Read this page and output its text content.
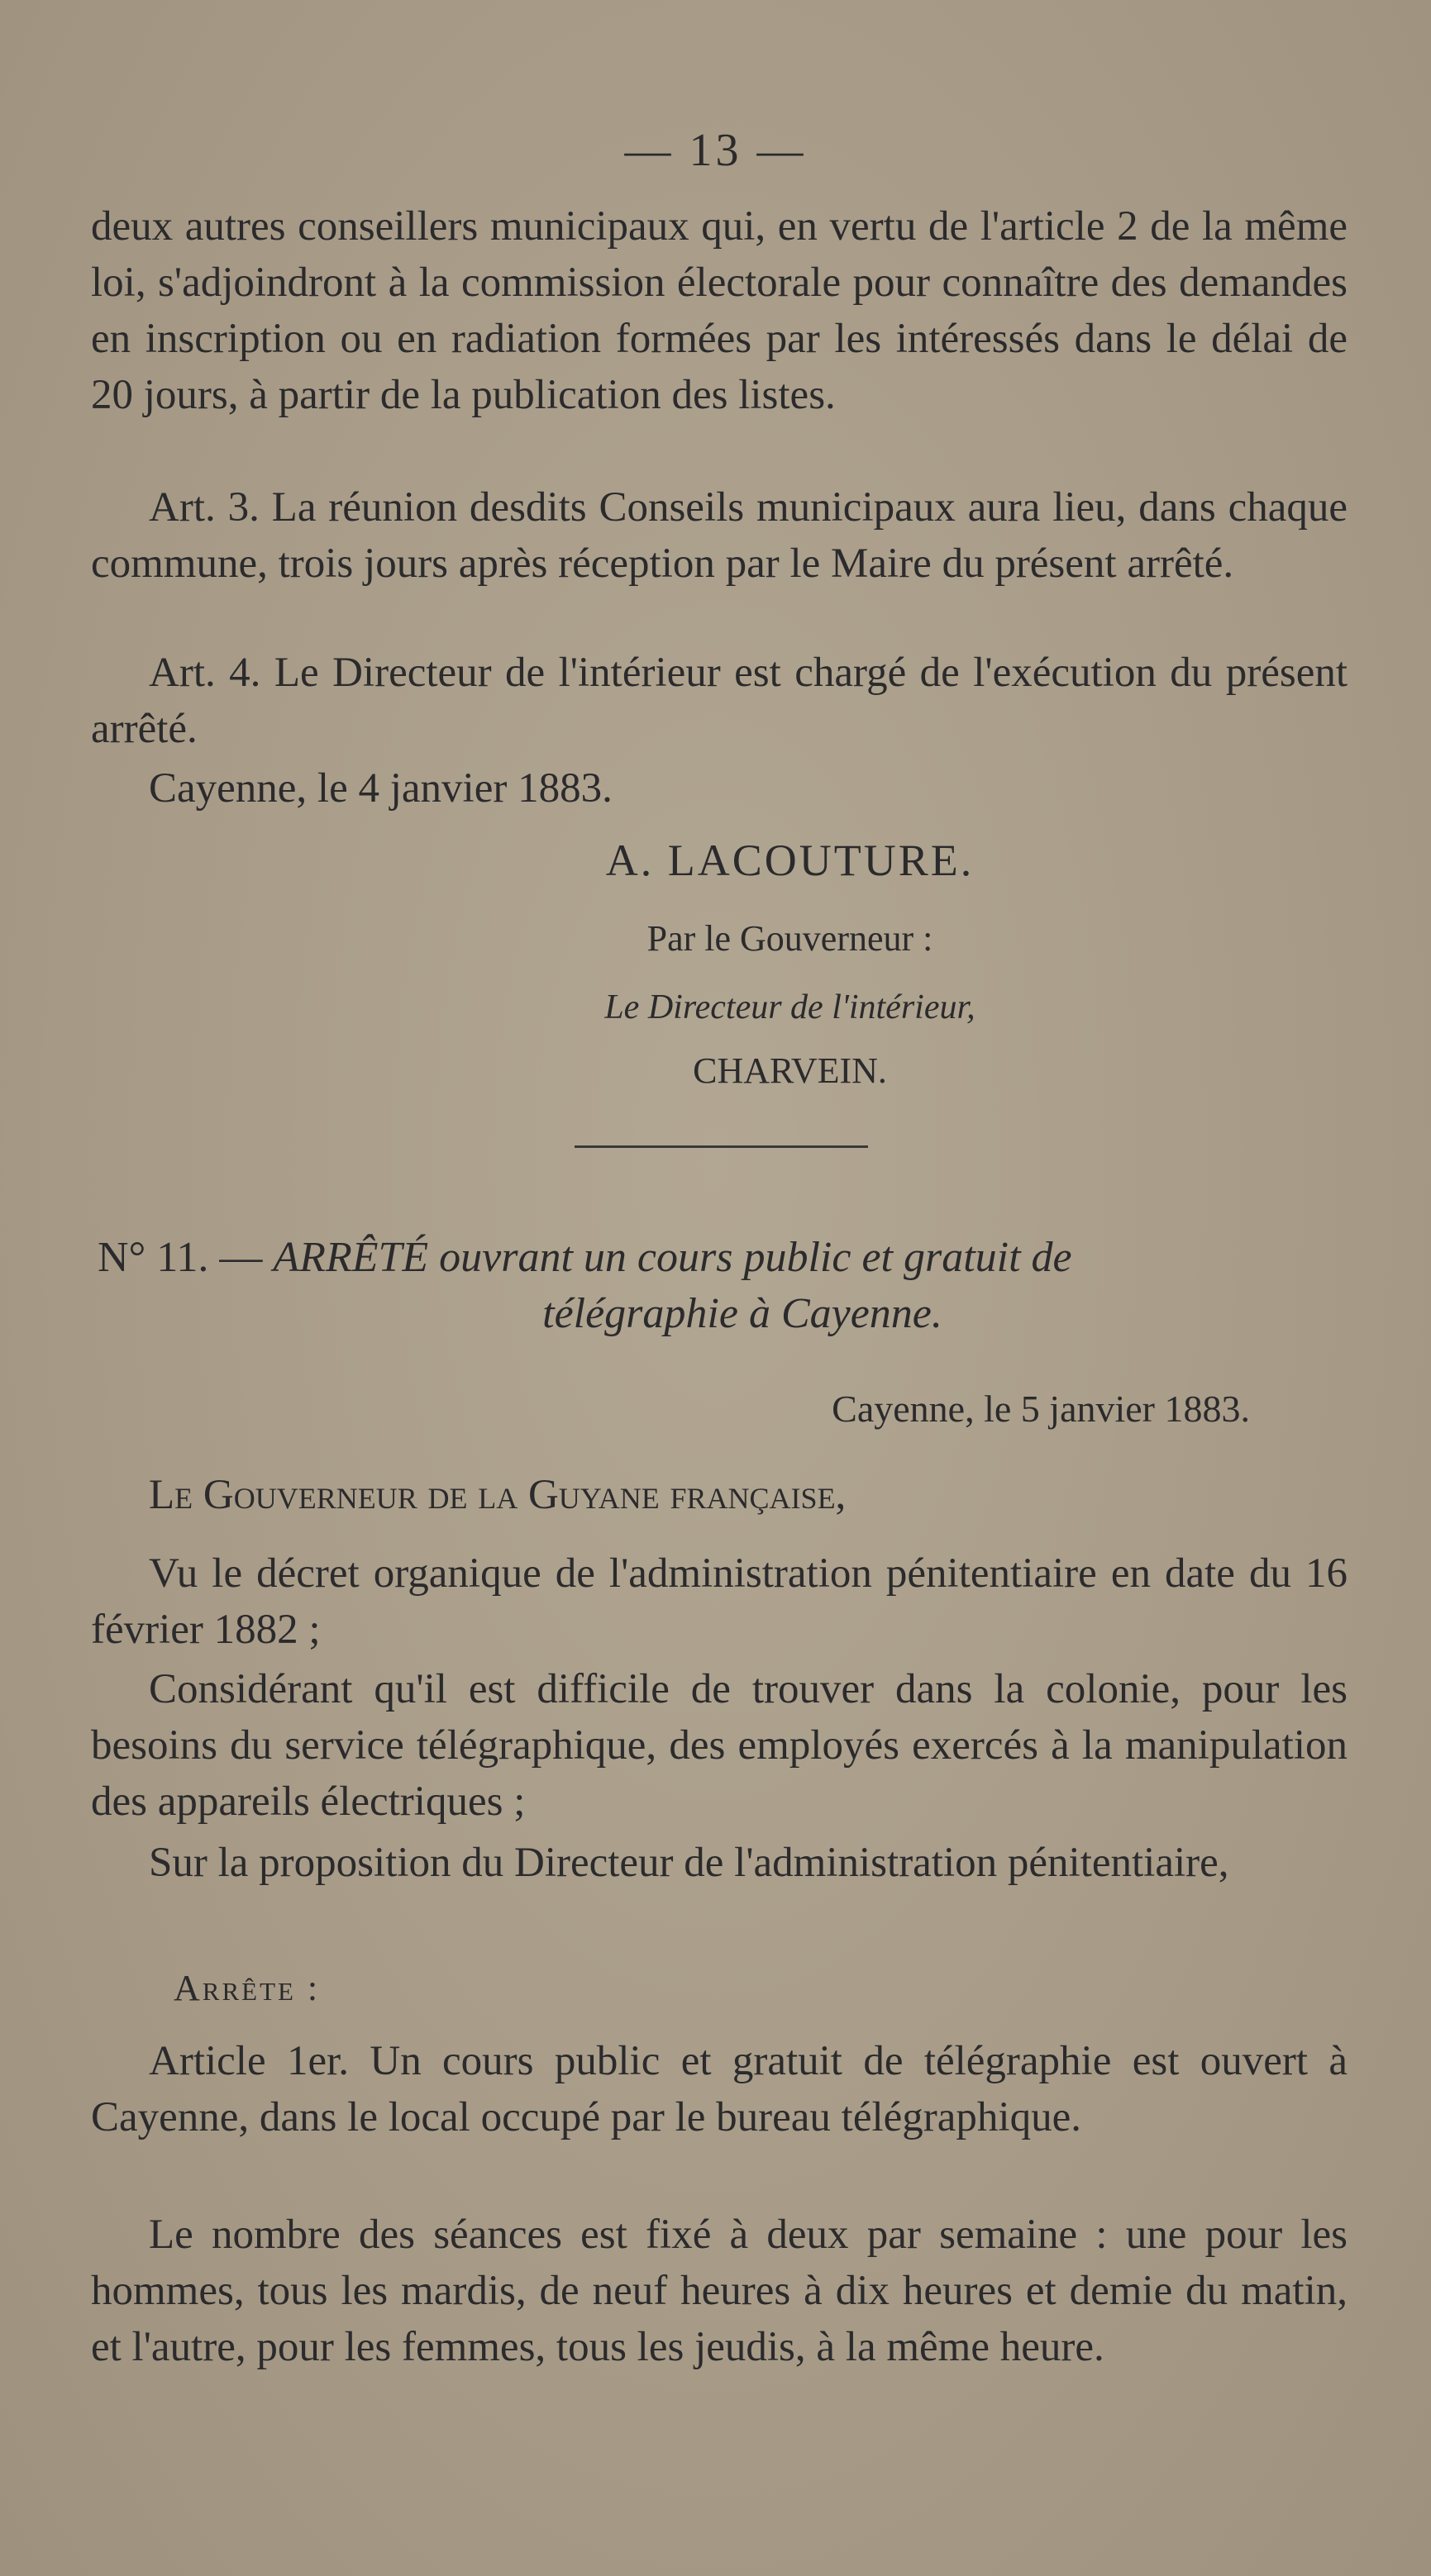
— 13 —
deux autres conseillers municipaux qui, en vertu de l'article 2 de la même loi, s'adjoindront à la commission électorale pour connaître des demandes en inscription ou en radiation formées par les intéressés dans le délai de 20 jours, à partir de la publication des listes.
Art. 3. La réunion desdits Conseils municipaux aura lieu, dans chaque commune, trois jours après réception par le Maire du présent arrêté.
Art. 4. Le Directeur de l'intérieur est chargé de l'exécution du présent arrêté.
Cayenne, le 4 janvier 1883.
A. LACOUTURE.
Par le Gouverneur :
Le Directeur de l'intérieur,
CHARVEIN.
N° 11. — ARRÊTÉ ouvrant un cours public et gratuit de
télégraphie à Cayenne.
Cayenne, le 5 janvier 1883.
Le Gouverneur de la Guyane française,
Vu le décret organique de l'administration pénitentiaire en date du 16 février 1882 ;
Considérant qu'il est difficile de trouver dans la colonie, pour les besoins du service télégraphique, des employés exercés à la manipulation des appareils électriques ;
Sur la proposition du Directeur de l'administration pénitentiaire,
Arrête :
Article 1er. Un cours public et gratuit de télégraphie est ouvert à Cayenne, dans le local occupé par le bureau télégraphique.
Le nombre des séances est fixé à deux par semaine : une pour les hommes, tous les mardis, de neuf heures à dix heures et demie du matin, et l'autre, pour les femmes, tous les jeudis, à la même heure.
